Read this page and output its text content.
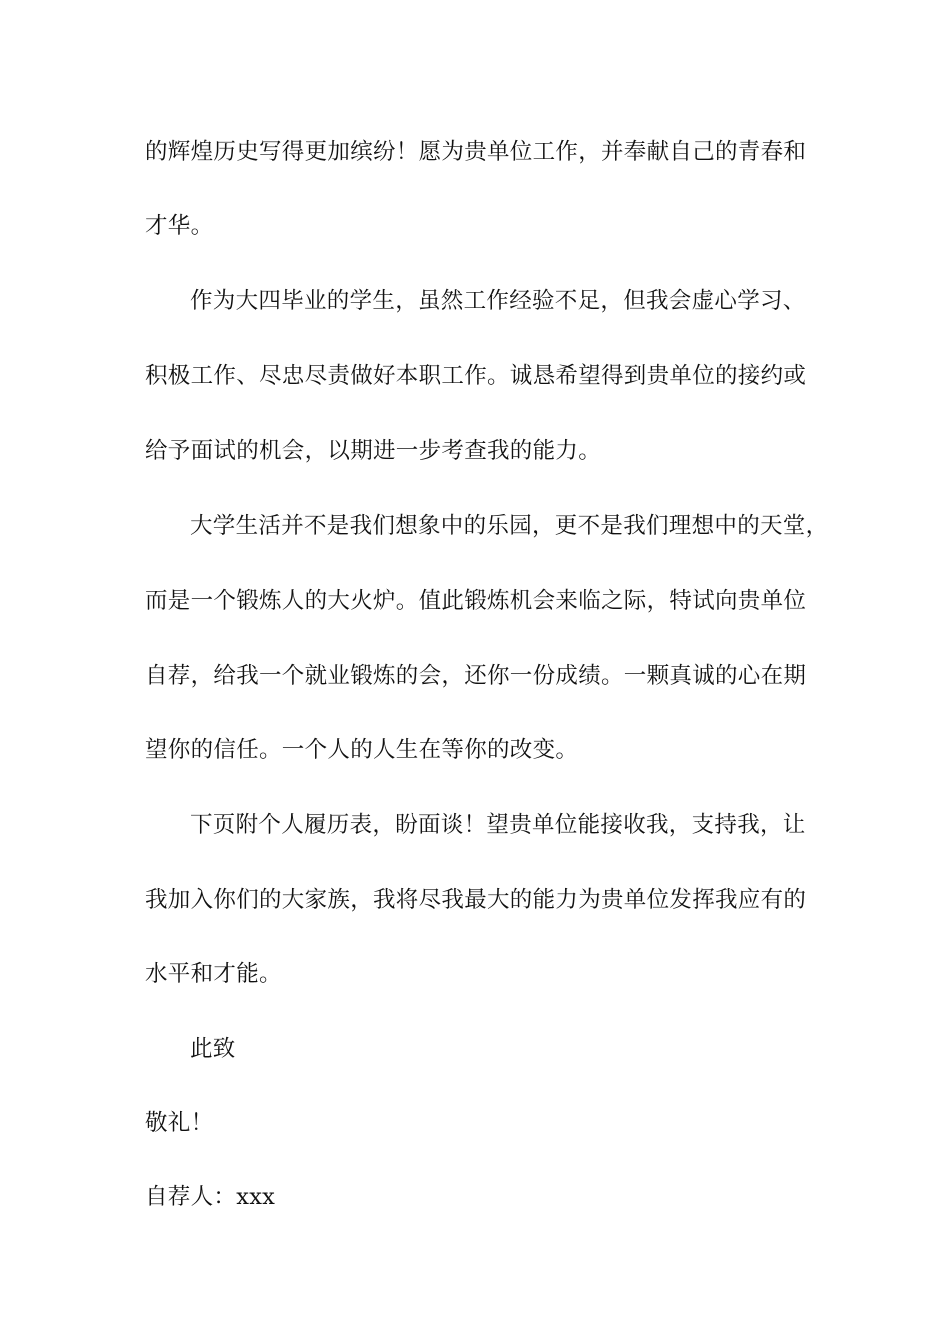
的辉煌历史写得更加缤纷！愿为贵单位工作，并奉献自己的青春和
才华。
作为大四毕业的学生，虽然工作经验不足，但我会虚心学习、
积极工作、尽忠尽责做好本职工作。诚恳希望得到贵单位的接约或
给予面试的机会，以期进一步考查我的能力。
大学生活并不是我们想象中的乐园，更不是我们理想中的天堂，
而是一个锻炼人的大火炉。值此锻炼机会来临之际，特试向贵单位
自荐，给我一个就业锻炼的会，还你一份成绩。一颗真诚的心在期
望你的信任。一个人的人生在等你的改变。
下页附个人履历表，盼面谈！望贵单位能接收我，支持我，让
我加入你们的大家族，我将尽我最大的能力为贵单位发挥我应有的
水平和才能。
此致
敬礼！
自荐人：xxx
